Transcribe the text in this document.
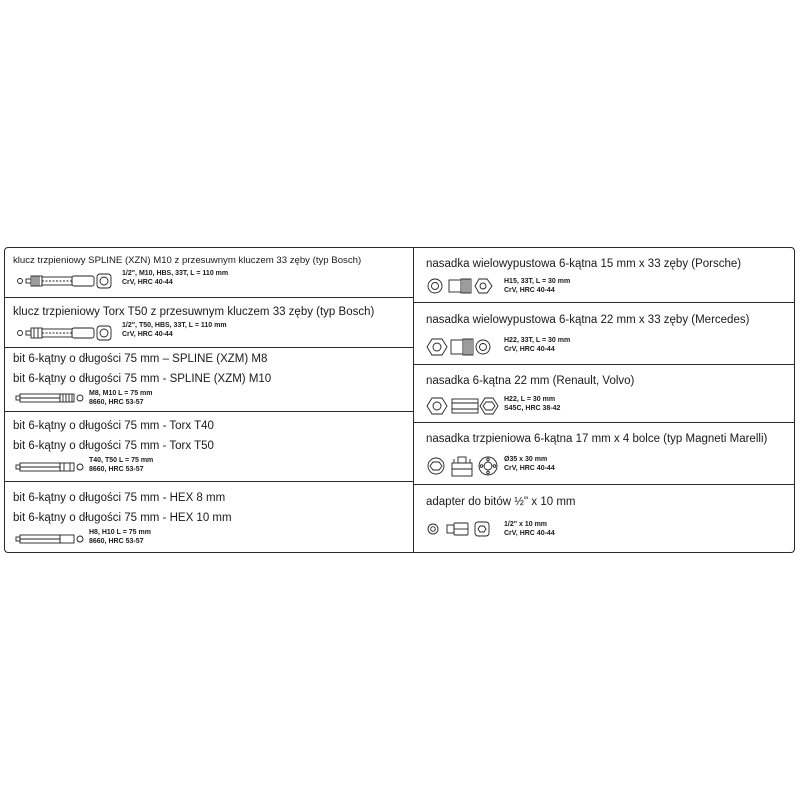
klucz trzpieniowy SPLINE (XZN) M10 z przesuwnym kluczem 33 zęby (typ Bosch)
1/2", M10, HBS, 33T, L = 110 mm
CrV, HRC 40-44
klucz trzpieniowy Torx T50 z przesuwnym kluczem 33 zęby (typ Bosch)
1/2", T50, HBS, 33T, L = 110 mm
CrV, HRC 40-44
bit 6-kątny o długości 75 mm – SPLINE (XZM) M8
bit 6-kątny o długości 75 mm - SPLINE (XZM) M10
M8, M10 L = 75 mm
8660, HRC 53-57
bit 6-kątny o długości 75 mm - Torx T40
bit 6-kątny o długości 75 mm - Torx T50
T40, T50 L = 75 mm
8660, HRC 53-57
bit 6-kątny o długości 75 mm - HEX 8 mm
bit 6-kątny o długości 75 mm - HEX 10 mm
H8, H10 L = 75 mm
8660, HRC 53-57
nasadka wielowypustowa 6-kątna 15 mm x 33 zęby (Porsche)
H15, 33T, L = 30 mm
CrV, HRC 40-44
nasadka wielowypustowa 6-kątna 22 mm x 33 zęby (Mercedes)
H22, 33T, L = 30 mm
CrV, HRC 40-44
nasadka 6-kątna 22 mm (Renault, Volvo)
H22, L = 30 mm
S45C, HRC 38-42
nasadka trzpieniowa 6-kątna 17 mm x 4 bolce (typ Magneti Marelli)
Ø35 x 30 mm
CrV, HRC 40-44
adapter do bitów ½'' x 10 mm
1/2" x 10 mm
CrV, HRC 40-44
